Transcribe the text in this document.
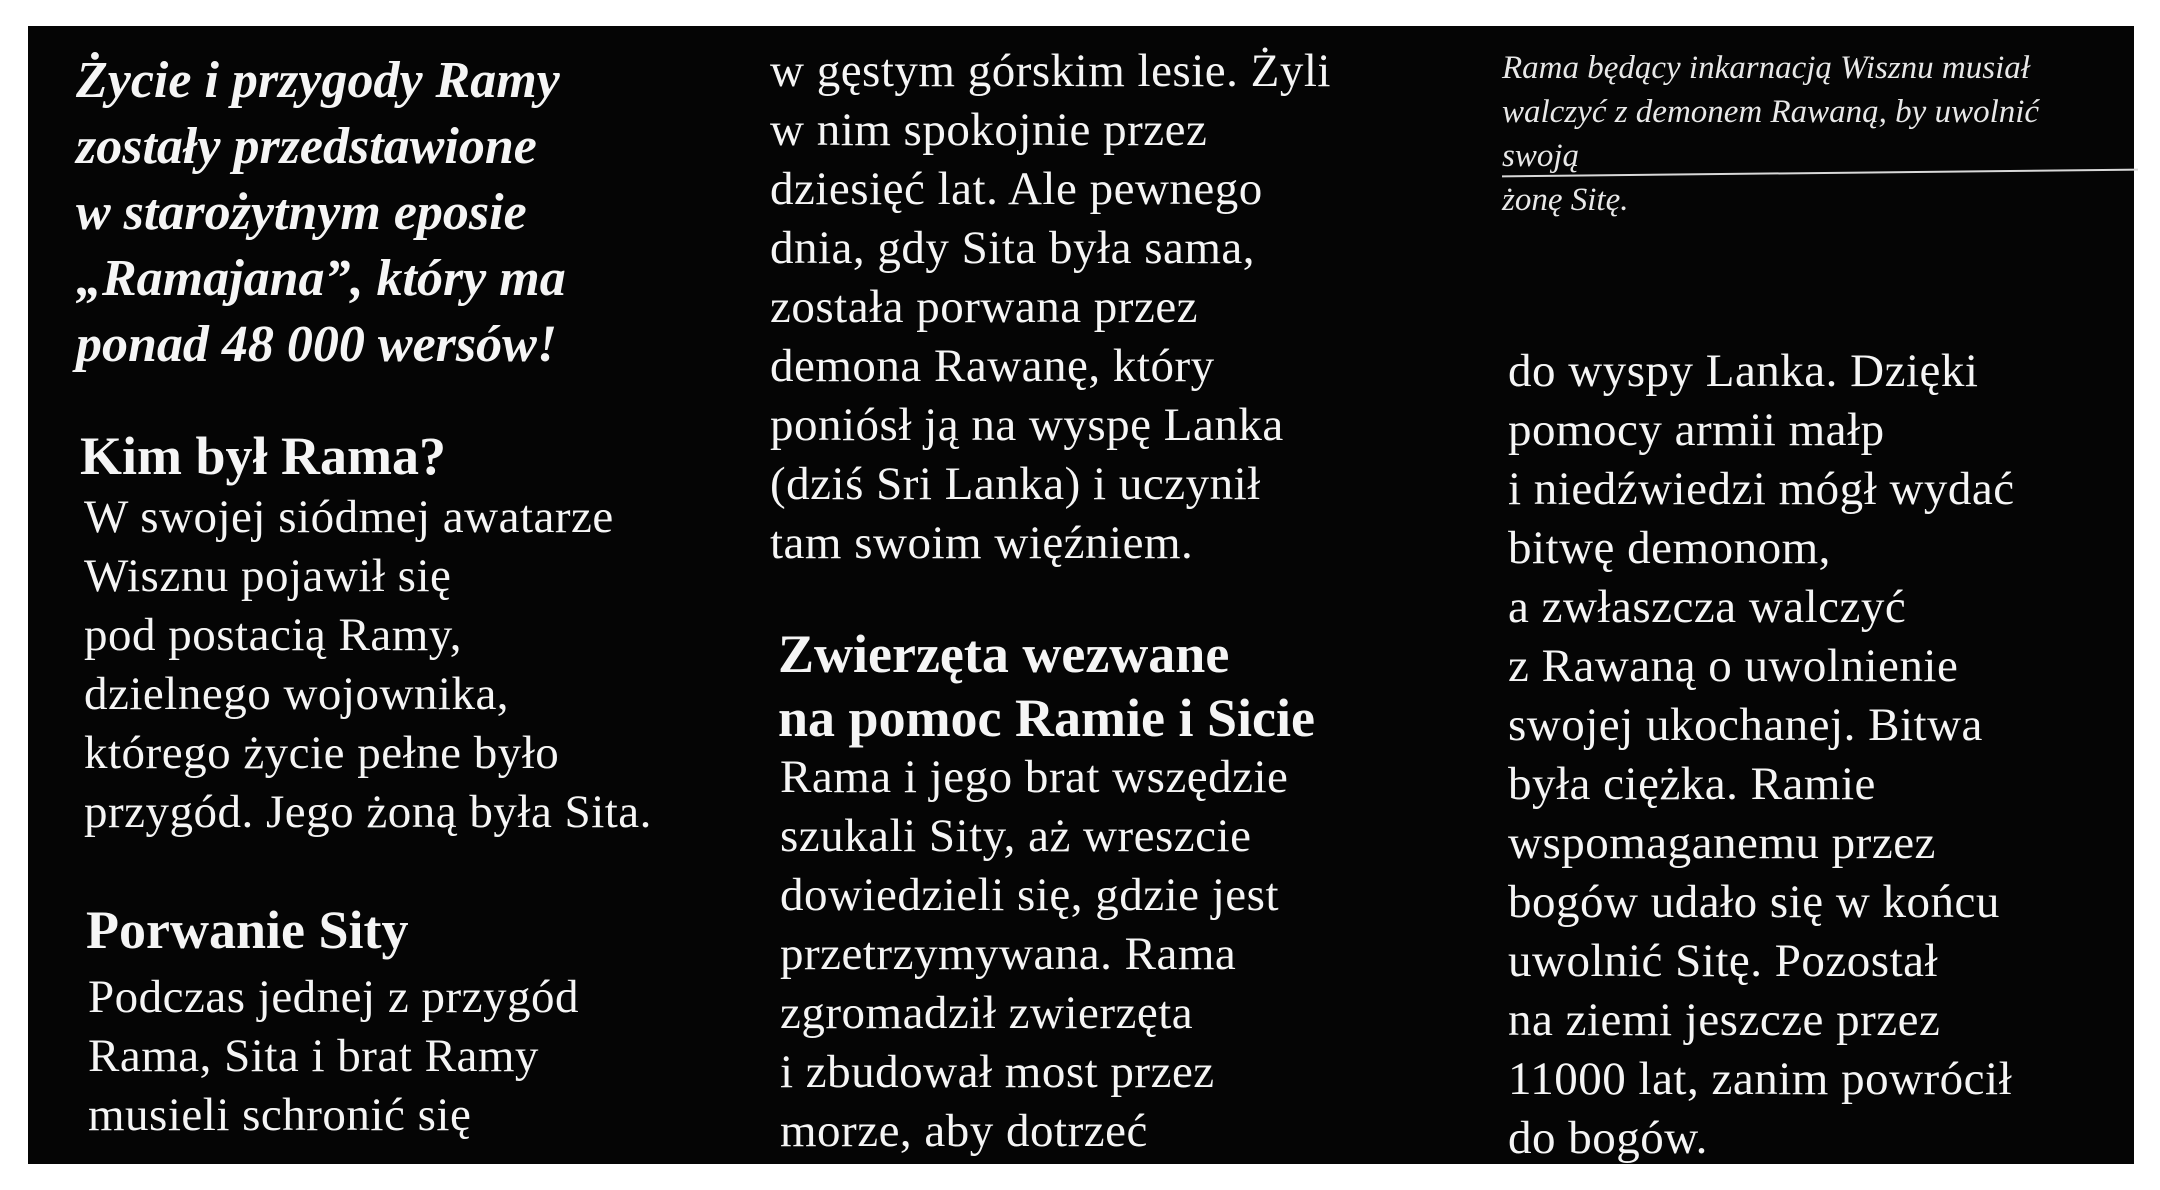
Życie i przygody Ramy
zostały przedstawione
w starożytnym eposie
„Ramajana”, który ma
ponad 48 000 wersów!
Kim był Rama?
W swojej siódmej awatarze
Wisznu pojawił się
pod postacią Ramy,
dzielnego wojownika,
którego życie pełne było
przygód. Jego żoną była Sita.
Porwanie Sity
Podczas jednej z przygód
Rama, Sita i brat Ramy
musieli schronić się
w gęstym górskim lesie. Żyli
w nim spokojnie przez
dziesięć lat. Ale pewnego
dnia, gdy Sita była sama,
została porwana przez
demona Rawanę, który
poniósł ją na wyspę Lanka
(dziś Sri Lanka) i uczynił
tam swoim więźniem.
Zwierzęta wezwane
na pomoc Ramie i Sicie
Rama i jego brat wszędzie
szukali Sity, aż wreszcie
dowiedzieli się, gdzie jest
przetrzymywana. Rama
zgromadził zwierzęta
i zbudował most przez
morze, aby dotrzeć
Rama będący inkarnacją Wisznu musiał
walczyć z demonem Rawaną, by uwolnić swoją
żonę Sitę.
do wyspy Lanka. Dzięki
pomocy armii małp
i niedźwiedzi mógł wydać
bitwę demonom,
a zwłaszcza walczyć
z Rawaną o uwolnienie
swojej ukochanej. Bitwa
była ciężka. Ramie
wspomaganemu przez
bogów udało się w końcu
uwolnić Sitę. Pozostał
na ziemi jeszcze przez
11000 lat, zanim powrócił
do bogów.
